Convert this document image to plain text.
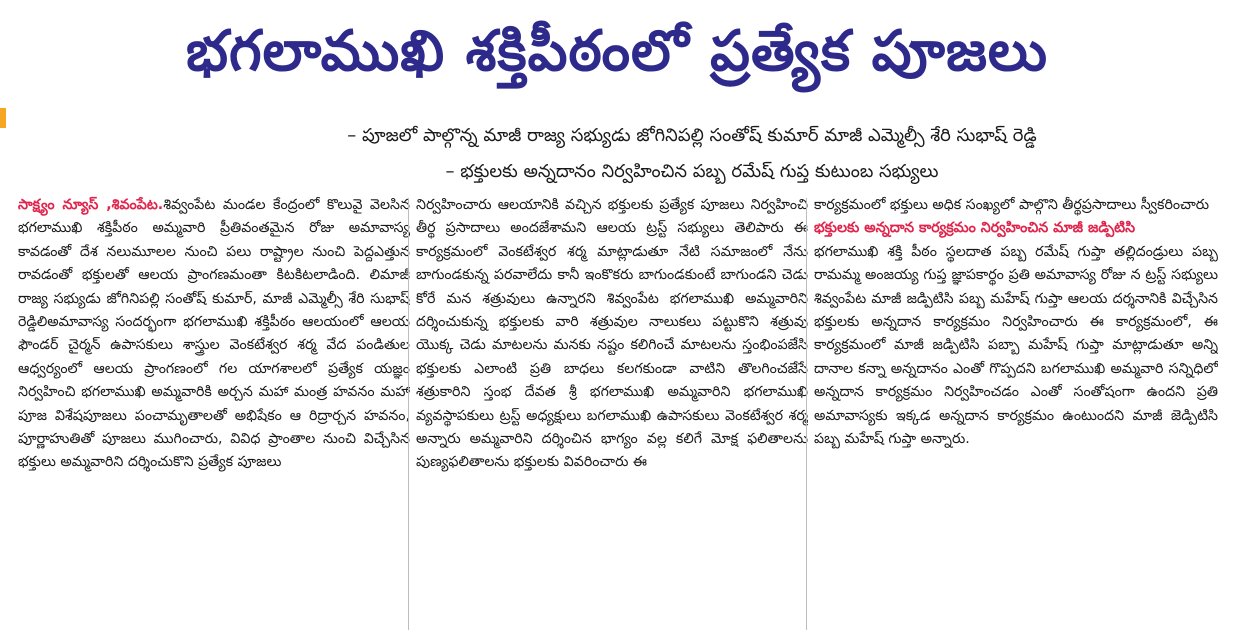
భగలాముఖి శక్తిపీఠంలో ప్రత్యేక పూజలు
– పూజలో పాల్గొన్న మాజీ రాజ్య సభ్యుడు జోగినిపల్లి సంతోష్ కుమార్ మాజీ ఎమ్మెల్సీ శేరి సుభాష్ రెడ్డి
– భక్తులకు అన్నదానం నిర్వహించిన పబ్బ రమేష్ గుప్త కుటుంబ సభ్యులు

సాక్ష్యం న్యూస్ ,శివంపేట.శివ్వంపేట మండల కేంద్రంలో కొలువై వెలసిన భగలాముఖి శక్తిపీఠం అమ్మవారి ప్రీతివంతమైన రోజు అమావాస్య కావడంతో దేశ నలుమూలల నుంచి పలు రాష్ట్రాల నుంచి పెద్దఎత్తున రావడంతో భక్తులతో ఆలయ ప్రాంగణమంతా కిటకిటలాడింది. లిమాజీ రాజ్య సభ్యుడు జోగినిపల్లి సంతోష్ కుమార్, మాజీ ఎమ్మెల్సీ శేరి సుభాష్ రెడ్డిలిఅమావాస్య సందర్భంగా భగలాముఖి శక్తిపీఠం ఆలయంలో ఆలయ ఫౌండర్ చైర్మన్ ఉపాసకులు శాస్త్రుల వెంకటేశ్వర శర్మ వేద పండితుల ఆధ్వర్యంలో ఆలయ ప్రాంగణంలో గల యాగశాలలో ప్రత్యేక యజ్ఞం నిర్వహించి భగలాముఖి అమ్మవారికి అర్చన మహా మంత్ర హవనం మహా పూజ విశేషపూజలు పంచామృతాలతో అభిషేకం ఆ రిద్రార్చన హవనం, పూర్ణాహుతితో పూజలు ముగించారు, వివిధ ప్రాంతాల నుంచి విచ్చేసిన భక్తులు అమ్మవారిని దర్శించుకొని ప్రత్యేక పూజలు

నిర్వహించారు ఆలయానికి వచ్చిన భక్తులకు ప్రత్యేక పూజలు నిర్వహించి తీర్థ ప్రసాదాలు అందజేశామని ఆలయ ట్రస్ట్ సభ్యులు తెలిపారు ఈ కార్యక్రమంలో వెంకటేశ్వర శర్మ మాట్లాడుతూ నేటి సమాజంలో నేను బాగుండకున్న పరవాలేదు కానీ ఇంకొకరు బాగుండకుంటే బాగుండని చెడు కోరే మన శత్రువులు ఉన్నారని శివ్వంపేట భగలాముఖి అమ్మవారిని దర్శించుకున్న భక్తులకు వారి శత్రువుల నాలుకలు పట్టుకొని శత్రువు యొక్క చెడు మాటలను మనకు నష్టం కలిగించే మాటలను స్తంభింపజేసి భక్తులకు ఎలాంటి ప్రతి బాధలు కలగకుండా వాటిని తొలగించజేసే శత్రుకారిని స్తంభ దేవత శ్రీ భగలాముఖి అమ్మవారిని భగలాముఖి వ్యవస్థాపకులు ట్రస్ట్ అధ్యక్షులు బగలాముఖి ఉపాసకులు వెంకటేశ్వర శర్మ అన్నారు అమ్మవారిని దర్శించిన భాగ్యం వల్ల కలిగే మోక్ష ఫలితాలను పుణ్యఫలితాలను భక్తులకు వివరించారు ఈ

కార్యక్రమంలో భక్తులు అధిక సంఖ్యలో పాల్గొని తీర్థప్రసాదాలు స్వీకరించారు

భక్తులకు అన్నదాన కార్యక్రమం నిర్వహించిన మాజీ జడ్పిటిసి

భగలాముఖి శక్తి పీఠం స్థలదాత పబ్బ రమేష్ గుప్తా తల్లిదండ్రులు పబ్బ రామమ్మ అంజయ్య గుప్త జ్ఞాపకార్థం ప్రతి అమావాస్య రోజు న ట్రస్ట్ సభ్యులు శివ్వంపేట మాజీ జడ్పిటిసి పబ్బ మహేష్ గుప్తా ఆలయ దర్శనానికి విచ్చేసిన భక్తులకు అన్నదాన కార్యక్రమం నిర్వహించారు ఈ కార్యక్రమంలో, ఈ కార్యక్రమంలో మాజీ జడ్పిటిసి పబ్బా మహేష్ గుప్తా మాట్లాడుతూ అన్ని దానాల కన్నా అన్నదానం ఎంతో గొప్పదని బగలాముఖి అమ్మవారి సన్నిధిలో అన్నదాన కార్యక్రమం నిర్వహించడం ఎంతో సంతోషంగా ఉందని ప్రతి అమావాస్యకు ఇక్కడ అన్నదాన కార్యక్రమం ఉంటుందని మాజీ జెడ్పిటిసి పబ్బ మహేష్ గుప్తా అన్నారు.
